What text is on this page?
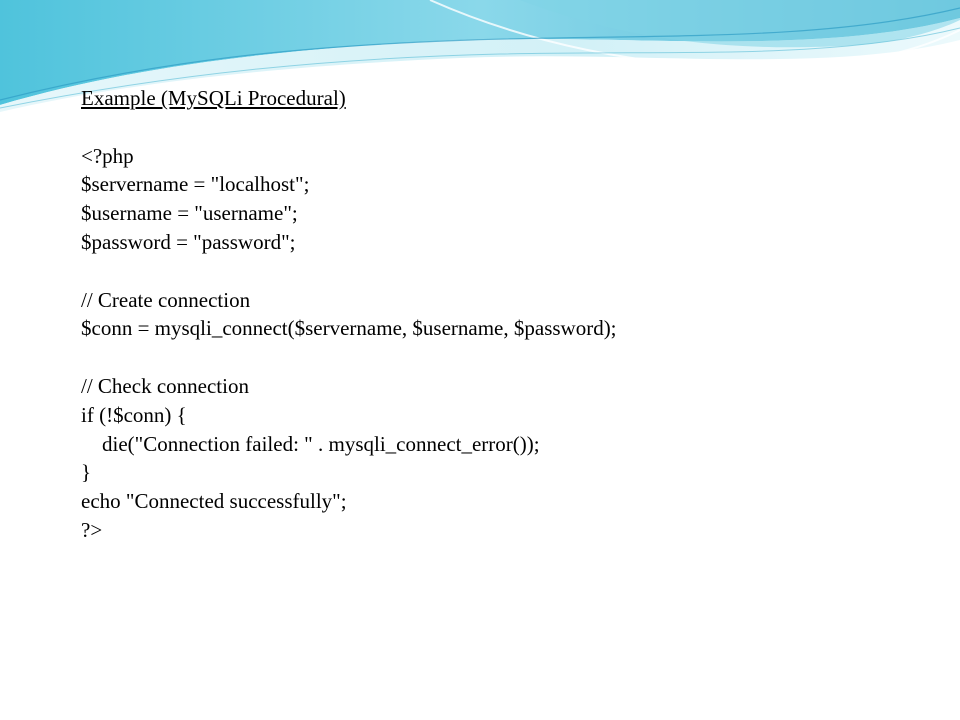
Example (MySQLi Procedural)

<?php

$servername = "localhost";

$username = "username";

$password = "password";

// Create connection

$conn = mysqli_connect($servername, $username, $password);

// Check connection

if (!$conn) {

die("Connection failed: " . mysqli_connect_error());

}

echo "Connected successfully";

?>
